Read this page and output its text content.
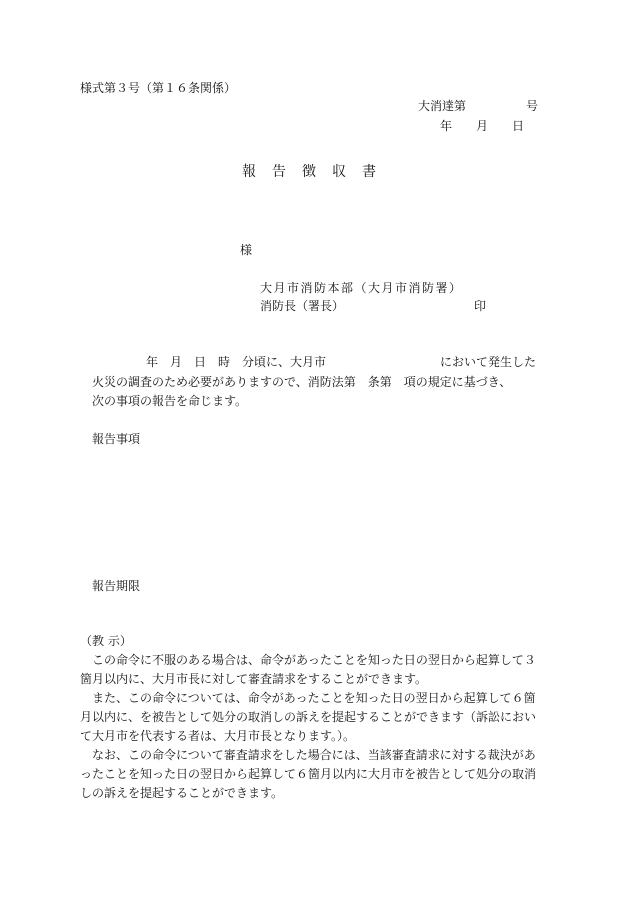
様式第３号（第１６条関係）
大消達第　　　　　号
年　　月　　日
報告徴収書
様
大月市消防本部（大月市消防署）
消防長（署長）	印
年　月　日　時　分頃に、大月市	において発生した
火災の調査のため必要がありますので、消防法第　条第　項の規定に基づき、
次の事項の報告を命じます。
報告事項
報告期限
（教 示）
　この命令に不服のある場合は、命令があったことを知った日の翌日から起算して３
箇月以内に、大月市長に対して審査請求をすることができます。
　また、この命令については、命令があったことを知った日の翌日から起算して６箇
月以内に、を被告として処分の取消しの訴えを提起することができます（訴訟におい
て大月市を代表する者は、大月市長となります。）。
　なお、この命令について審査請求をした場合には、当該審査請求に対する裁決があ
ったことを知った日の翌日から起算して６箇月以内に大月市を被告として処分の取消
しの訴えを提起することができます。
